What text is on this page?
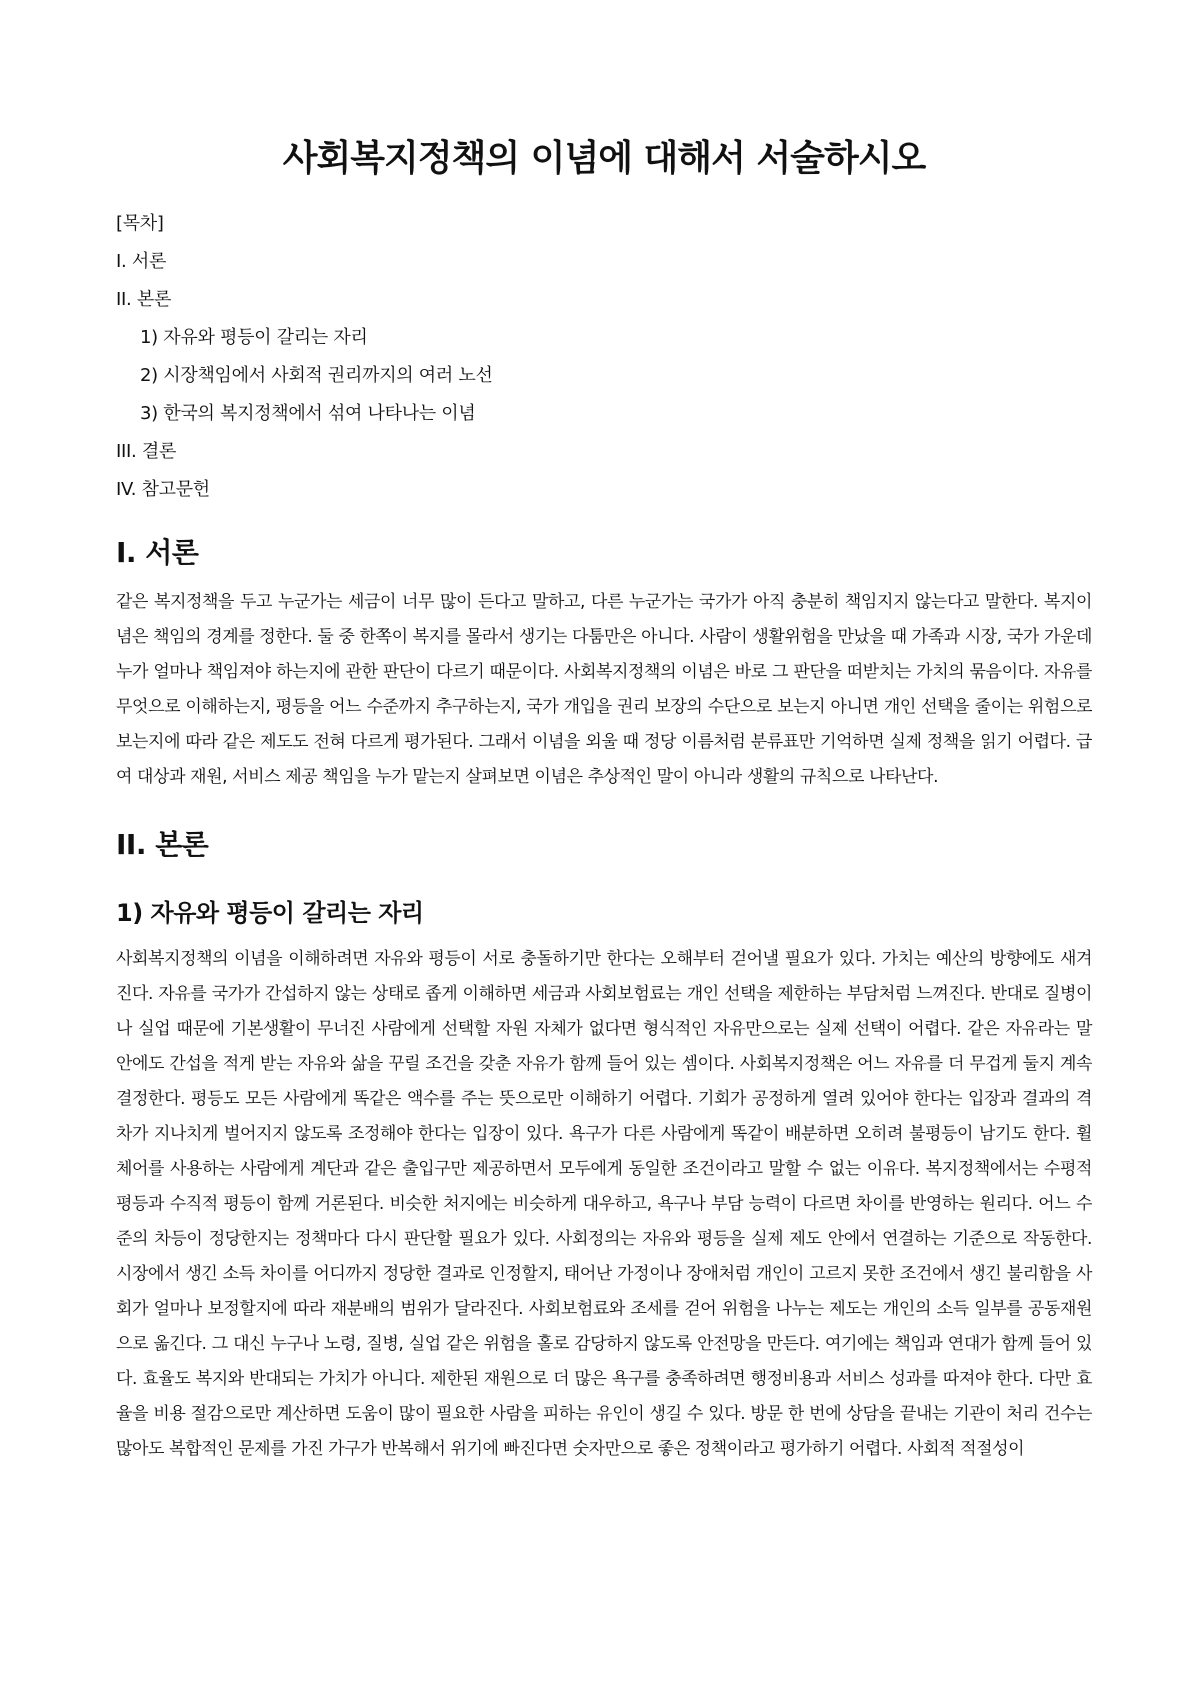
사회복지정책의 이념에 대해서 서술하시오
[목차]
I. 서론
II. 본론
1) 자유와 평등이 갈리는 자리
2) 시장책임에서 사회적 권리까지의 여러 노선
3) 한국의 복지정책에서 섞여 나타나는 이념
III. 결론
IV. 참고문헌
I. 서론

같은 복지정책을 두고 누군가는 세금이 너무 많이 든다고 말하고, 다른 누군가는 국가가 아직 충분히 책임지지 않는다고 말한다. 복지이념은 책임의 경계를 정한다. 둘 중 한쪽이 복지를 몰라서 생기는 다툼만은 아니다. 사람이 생활위험을 만났을 때 가족과 시장, 국가 가운데 누가 얼마나 책임져야 하는지에 관한 판단이 다르기 때문이다. 사회복지정책의 이념은 바로 그 판단을 떠받치는 가치의 묶음이다. 자유를 무엇으로 이해하는지, 평등을 어느 수준까지 추구하는지, 국가 개입을 권리 보장의 수단으로 보는지 아니면 개인 선택을 줄이는 위험으로 보는지에 따라 같은 제도도 전혀 다르게 평가된다. 그래서 이념을 외울 때 정당 이름처럼 분류표만 기억하면 실제 정책을 읽기 어렵다. 급여 대상과 재원, 서비스 제공 책임을 누가 맡는지 살펴보면 이념은 추상적인 말이 아니라 생활의 규칙으로 나타난다.

II. 본론
1) 자유와 평등이 갈리는 자리

사회복지정책의 이념을 이해하려면 자유와 평등이 서로 충돌하기만 한다는 오해부터 걷어낼 필요가 있다. 가치는 예산의 방향에도 새겨진다. 자유를 국가가 간섭하지 않는 상태로 좁게 이해하면 세금과 사회보험료는 개인 선택을 제한하는 부담처럼 느껴진다. 반대로 질병이나 실업 때문에 기본생활이 무너진 사람에게 선택할 자원 자체가 없다면 형식적인 자유만으로는 실제 선택이 어렵다. 같은 자유라는 말 안에도 간섭을 적게 받는 자유와 삶을 꾸릴 조건을 갖춘 자유가 함께 들어 있는 셈이다. 사회복지정책은 어느 자유를 더 무겁게 둘지 계속 결정한다. 평등도 모든 사람에게 똑같은 액수를 주는 뜻으로만 이해하기 어렵다. 기회가 공정하게 열려 있어야 한다는 입장과 결과의 격차가 지나치게 벌어지지 않도록 조정해야 한다는 입장이 있다. 욕구가 다른 사람에게 똑같이 배분하면 오히려 불평등이 남기도 한다. 휠체어를 사용하는 사람에게 계단과 같은 출입구만 제공하면서 모두에게 동일한 조건이라고 말할 수 없는 이유다. 복지정책에서는 수평적 평등과 수직적 평등이 함께 거론된다. 비슷한 처지에는 비슷하게 대우하고, 욕구나 부담 능력이 다르면 차이를 반영하는 원리다. 어느 수준의 차등이 정당한지는 정책마다 다시 판단할 필요가 있다. 사회정의는 자유와 평등을 실제 제도 안에서 연결하는 기준으로 작동한다. 시장에서 생긴 소득 차이를 어디까지 정당한 결과로 인정할지, 태어난 가정이나 장애처럼 개인이 고르지 못한 조건에서 생긴 불리함을 사회가 얼마나 보정할지에 따라 재분배의 범위가 달라진다. 사회보험료와 조세를 걷어 위험을 나누는 제도는 개인의 소득 일부를 공동재원으로 옮긴다. 그 대신 누구나 노령, 질병, 실업 같은 위험을 홀로 감당하지 않도록 안전망을 만든다. 여기에는 책임과 연대가 함께 들어 있다. 효율도 복지와 반대되는 가치가 아니다. 제한된 재원으로 더 많은 욕구를 충족하려면 행정비용과 서비스 성과를 따져야 한다. 다만 효율을 비용 절감으로만 계산하면 도움이 많이 필요한 사람을 피하는 유인이 생길 수 있다. 방문 한 번에 상담을 끝내는 기관이 처리 건수는 많아도 복합적인 문제를 가진 가구가 반복해서 위기에 빠진다면 숫자만으로 좋은 정책이라고 평가하기 어렵다. 사회적 적절성이
